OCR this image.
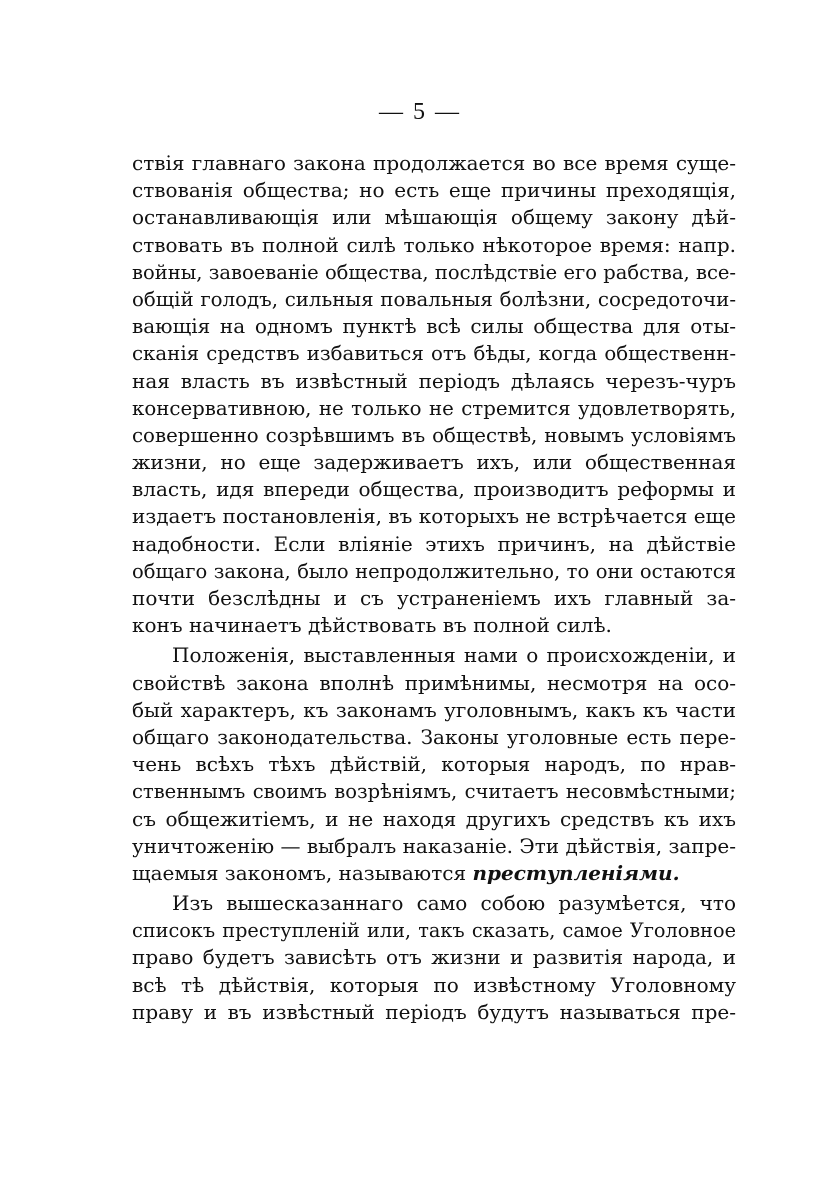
— 5 —
ствія главнаго закона продолжается во все время суще-
ствованія общества; но есть еще причины преходящія,
останавливающія или мѣшающія общему закону дѣй-
ствовать въ полной силѣ только нѣкоторое время: напр.
войны, завоеваніе общества, послѣдствіе его рабства, все-
общій голодъ, сильныя повальныя болѣзни, сосредоточи-
вающія на одномъ пунктѣ всѣ силы общества для оты-
сканія средствъ избавиться отъ бѣды, когда общественн-
ная власть въ извѣстный періодъ дѣлаясь черезъ-чуръ
консервативною, не только не стремится удовлетворять,
совершенно созрѣвшимъ въ обществѣ, новымъ условіямъ
жизни, но еще задерживаетъ ихъ, или общественная
власть, идя впереди общества, производитъ реформы и
издаетъ постановленія, въ которыхъ не встрѣчается еще
надобности. Если вліяніе этихъ причинъ, на дѣйствіе
общаго закона, было непродолжительно, то они остаются
почти безслѣдны и съ устраненіемъ ихъ главный за-
конъ начинаетъ дѣйствовать въ полной силѣ.
Положенія, выставленныя нами о происхожденіи, и
свойствѣ закона вполнѣ примѣнимы, несмотря на осо-
бый характеръ, къ законамъ уголовнымъ, какъ къ части
общаго законодательства. Законы уголовные есть пере-
чень всѣхъ тѣхъ дѣйствій, которыя народъ, по нрав-
ственнымъ своимъ возрѣніямъ, считаетъ несовмѣстными;
съ общежитіемъ, и не находя другихъ средствъ къ ихъ
уничтоженію — выбралъ наказаніе. Эти дѣйствія, запре-
щаемыя закономъ, называются преступленіями.
Изъ вышесказаннаго само собою разумѣется, что
списокъ преступленій или, такъ сказать, самое Уголовное
право будетъ зависѣть отъ жизни и развитія народа, и
всѣ тѣ дѣйствія, которыя по извѣстному Уголовному
праву и въ извѣстный періодъ будутъ называться пре-
